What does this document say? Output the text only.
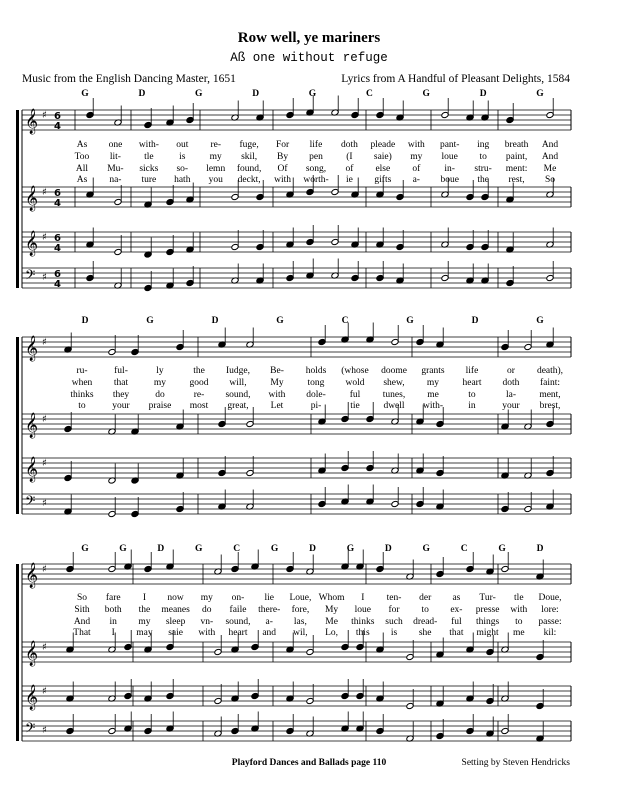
Row well, ye mariners
Aß one without refuge
Music from the English Dancing Master, 1651	Lyrics from A Handful of Pleasant Delights, 1584
𝄞 ♯ 6
4
𝄞 ♯ 6
4
𝄞 ♯ 6
4
𝄢 ♯ 6
4
G	D	G	D	G	C	G	D	G
As one with- out re- fuge, For life doth pleade with pant- ing breath And
Too lit- tle	is	my skil, By pen (I saie) my loue to paint, And
All Mu- sicks so- lemn found, Of song, of else of	in- stru- ment: Me
As na- ture hath you deckt, with worth- ie gifts a- boue the rest, So
𝄞 ♯
𝄞 ♯
𝄞 ♯
𝄢 ♯
D	G	D	G	C	G	D	G
ru-	ful-	ly	the Iudge, Be- holds (whose doome grants life	or death),
when that	my good will,	My	tong wold shew, my heart doth faint:
thinks they	do	re- sound, with dole-	ful tunes, me	to	la- ment,
to	your praise most great, Let	pi-	tie dwell with-	in	your brest,
𝄞 ♯
𝄞 ♯
𝄞 ♯
𝄢 ♯
G	G	D	G	C	G	D	G	D	G	C	G	D
So fare I now my on- lie Loue, Whom I ten- der as Tur- tle Doue,
Sith both the meanes do faile there- fore, My loue for to ex- presse with lore:
And in my sleep vn- sound, a- las, Me thinks such dread- ful things to passe:
That I may saie with heart and wil, Lo, this is she that might me kil:
Playford Dances and Ballads page 110	Setting by Steven Hendricks
